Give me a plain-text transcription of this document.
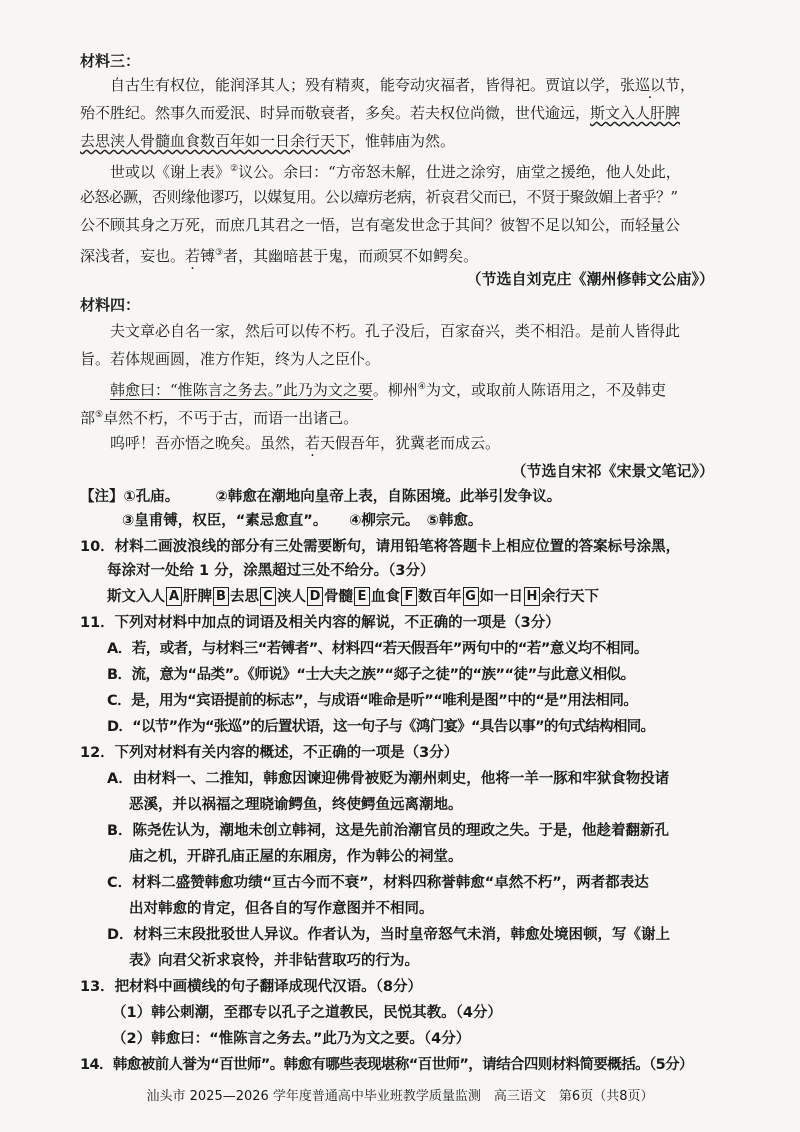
材料三：
自古生有权位，能润泽其人；殁有精爽，能夸动灾福者，皆得祀。贾谊以学，张巡以节，
殆不胜纪。然事久而爱泯、时异而敬衰者，多矣。若夫权位尚微，世代逾远，斯文入人肝脾
去思浃人骨髓血食数百年如一日余行天下，惟韩庙为然。
世或以《谢上表》②议公。余曰：“方帝怒未解，仕进之涂穷，庙堂之援绝，他人处此，
必怒必蹶，否则缘他谬巧，以媒复用。公以瘴疠老病，祈哀君父而已，不贤于聚敛媚上者乎？”
公不顾其身之万死，而庶几其君之一悟，岂有毫发世念于其间？彼智不足以知公，而轻量公
深浅者，妄也。若镈③者，其幽暗甚于鬼，而顽冥不如鳄矣。
（节选自刘克庄《潮州修韩文公庙》）
材料四：
夫文章必自名一家，然后可以传不朽。孔子没后，百家奋兴，类不相沿。是前人皆得此
旨。若体规画圆，准方作矩，终为人之臣仆。
韩愈曰：“惟陈言之务去。”此乃为文之要。柳州④为文，或取前人陈语用之，不及韩吏
部⑤卓然不朽，不丐于古，而语一出诸己。
呜呼！吾亦悟之晚矣。虽然，若天假吾年，犹冀老而成云。
（节选自宋祁《宋景文笔记》）
【注】①孔庙。　　　②韩愈在潮地向皇帝上表，自陈困境。此举引发争议。
③皇甫镈，权臣，“素忌愈直”。　　④柳宗元。　⑤韩愈。
10．材料二画波浪线的部分有三处需要断句，请用铅笔将答题卡上相应位置的答案标号涂黑，
每涂对一处给 1 分，涂黑超过三处不给分。（3分）
斯文入人 A 肝脾 B 去思 C 浃人 D 骨髓 E 血食 F 数百年 G 如一日 H 余行天下
11．下列对材料中加点的词语及相关内容的解说，不正确的一项是（3分）
A．若，或者，与材料三“若镈者”、材料四“若天假吾年”两句中的“若”意义均不相同。
B．流，意为“品类”。《师说》“士大夫之族”“郯子之徒”的“族”“徒”与此意义相似。
C．是，用为“宾语提前的标志”，与成语“唯命是听”“唯利是图”中的“是”用法相同。
D．“以节”作为“张巡”的后置状语，这一句子与《鸿门宴》“具告以事”的句式结构相同。
12．下列对材料有关内容的概述，不正确的一项是（3分）
A．由材料一、二推知，韩愈因谏迎佛骨被贬为潮州刺史，他将一羊一豚和牢狱食物投诸
恶溪，并以祸福之理晓谕鳄鱼，终使鳄鱼远离潮地。
B．陈尧佐认为，潮地未创立韩祠，这是先前治潮官员的理政之失。于是，他趁着翻新孔
庙之机，开辟孔庙正屋的东厢房，作为韩公的祠堂。
C．材料二盛赞韩愈功绩“亘古今而不衰”，材料四称誉韩愈“卓然不朽”，两者都表达
出对韩愈的肯定，但各自的写作意图并不相同。
D．材料三末段批驳世人异议。作者认为，当时皇帝怒气未消，韩愈处境困顿，写《谢上
表》向君父祈求哀怜，并非钻营取巧的行为。
13．把材料中画横线的句子翻译成现代汉语。（8分）
（1）韩公刺潮，至郡专以孔子之道教民，民悦其教。（4分）
（2）韩愈曰：“惟陈言之务去。”此乃为文之要。（4分）
14．韩愈被前人誉为“百世师”。韩愈有哪些表现堪称“百世师”，请结合四则材料简要概括。（5分）
汕头市 2025—2026 学年度普通高中毕业班教学质量监测　高三语文　第6页（共8页）
